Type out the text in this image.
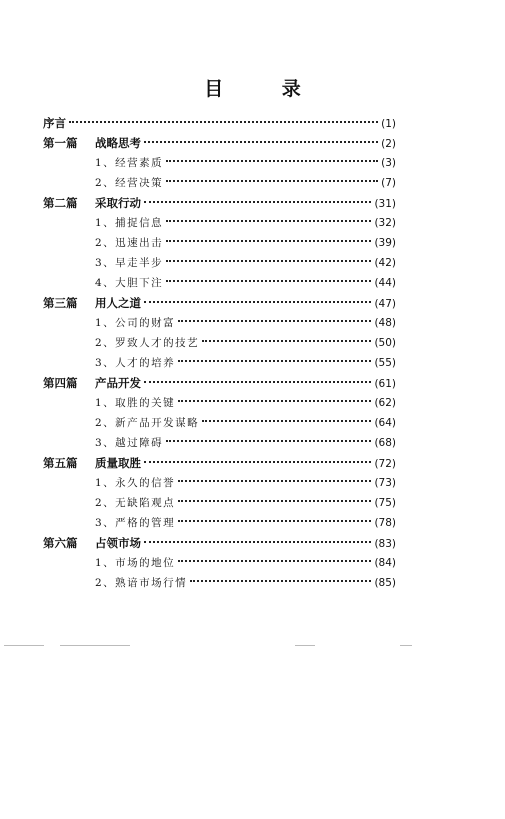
目 录
序言	(1)
第一篇	战略思考	(2)
1、经营素质	(3)
2、经营决策	(7)
第二篇	采取行动	(31)
1、捕捉信息	(32)
2、迅速出击	(39)
3、早走半步	(42)
4、大胆下注	(44)
第三篇	用人之道	(47)
1、公司的财富	(48)
2、罗致人才的技艺	(50)
3、人才的培养	(55)
第四篇	产品开发	(61)
1、取胜的关键	(62)
2、新产品开发谋略	(64)
3、越过障碍	(68)
第五篇	质量取胜	(72)
1、永久的信誉	(73)
2、无缺陷观点	(75)
3、严格的管理	(78)
第六篇	占领市场	(83)
1、市场的地位	(84)
2、熟谙市场行情	(85)
